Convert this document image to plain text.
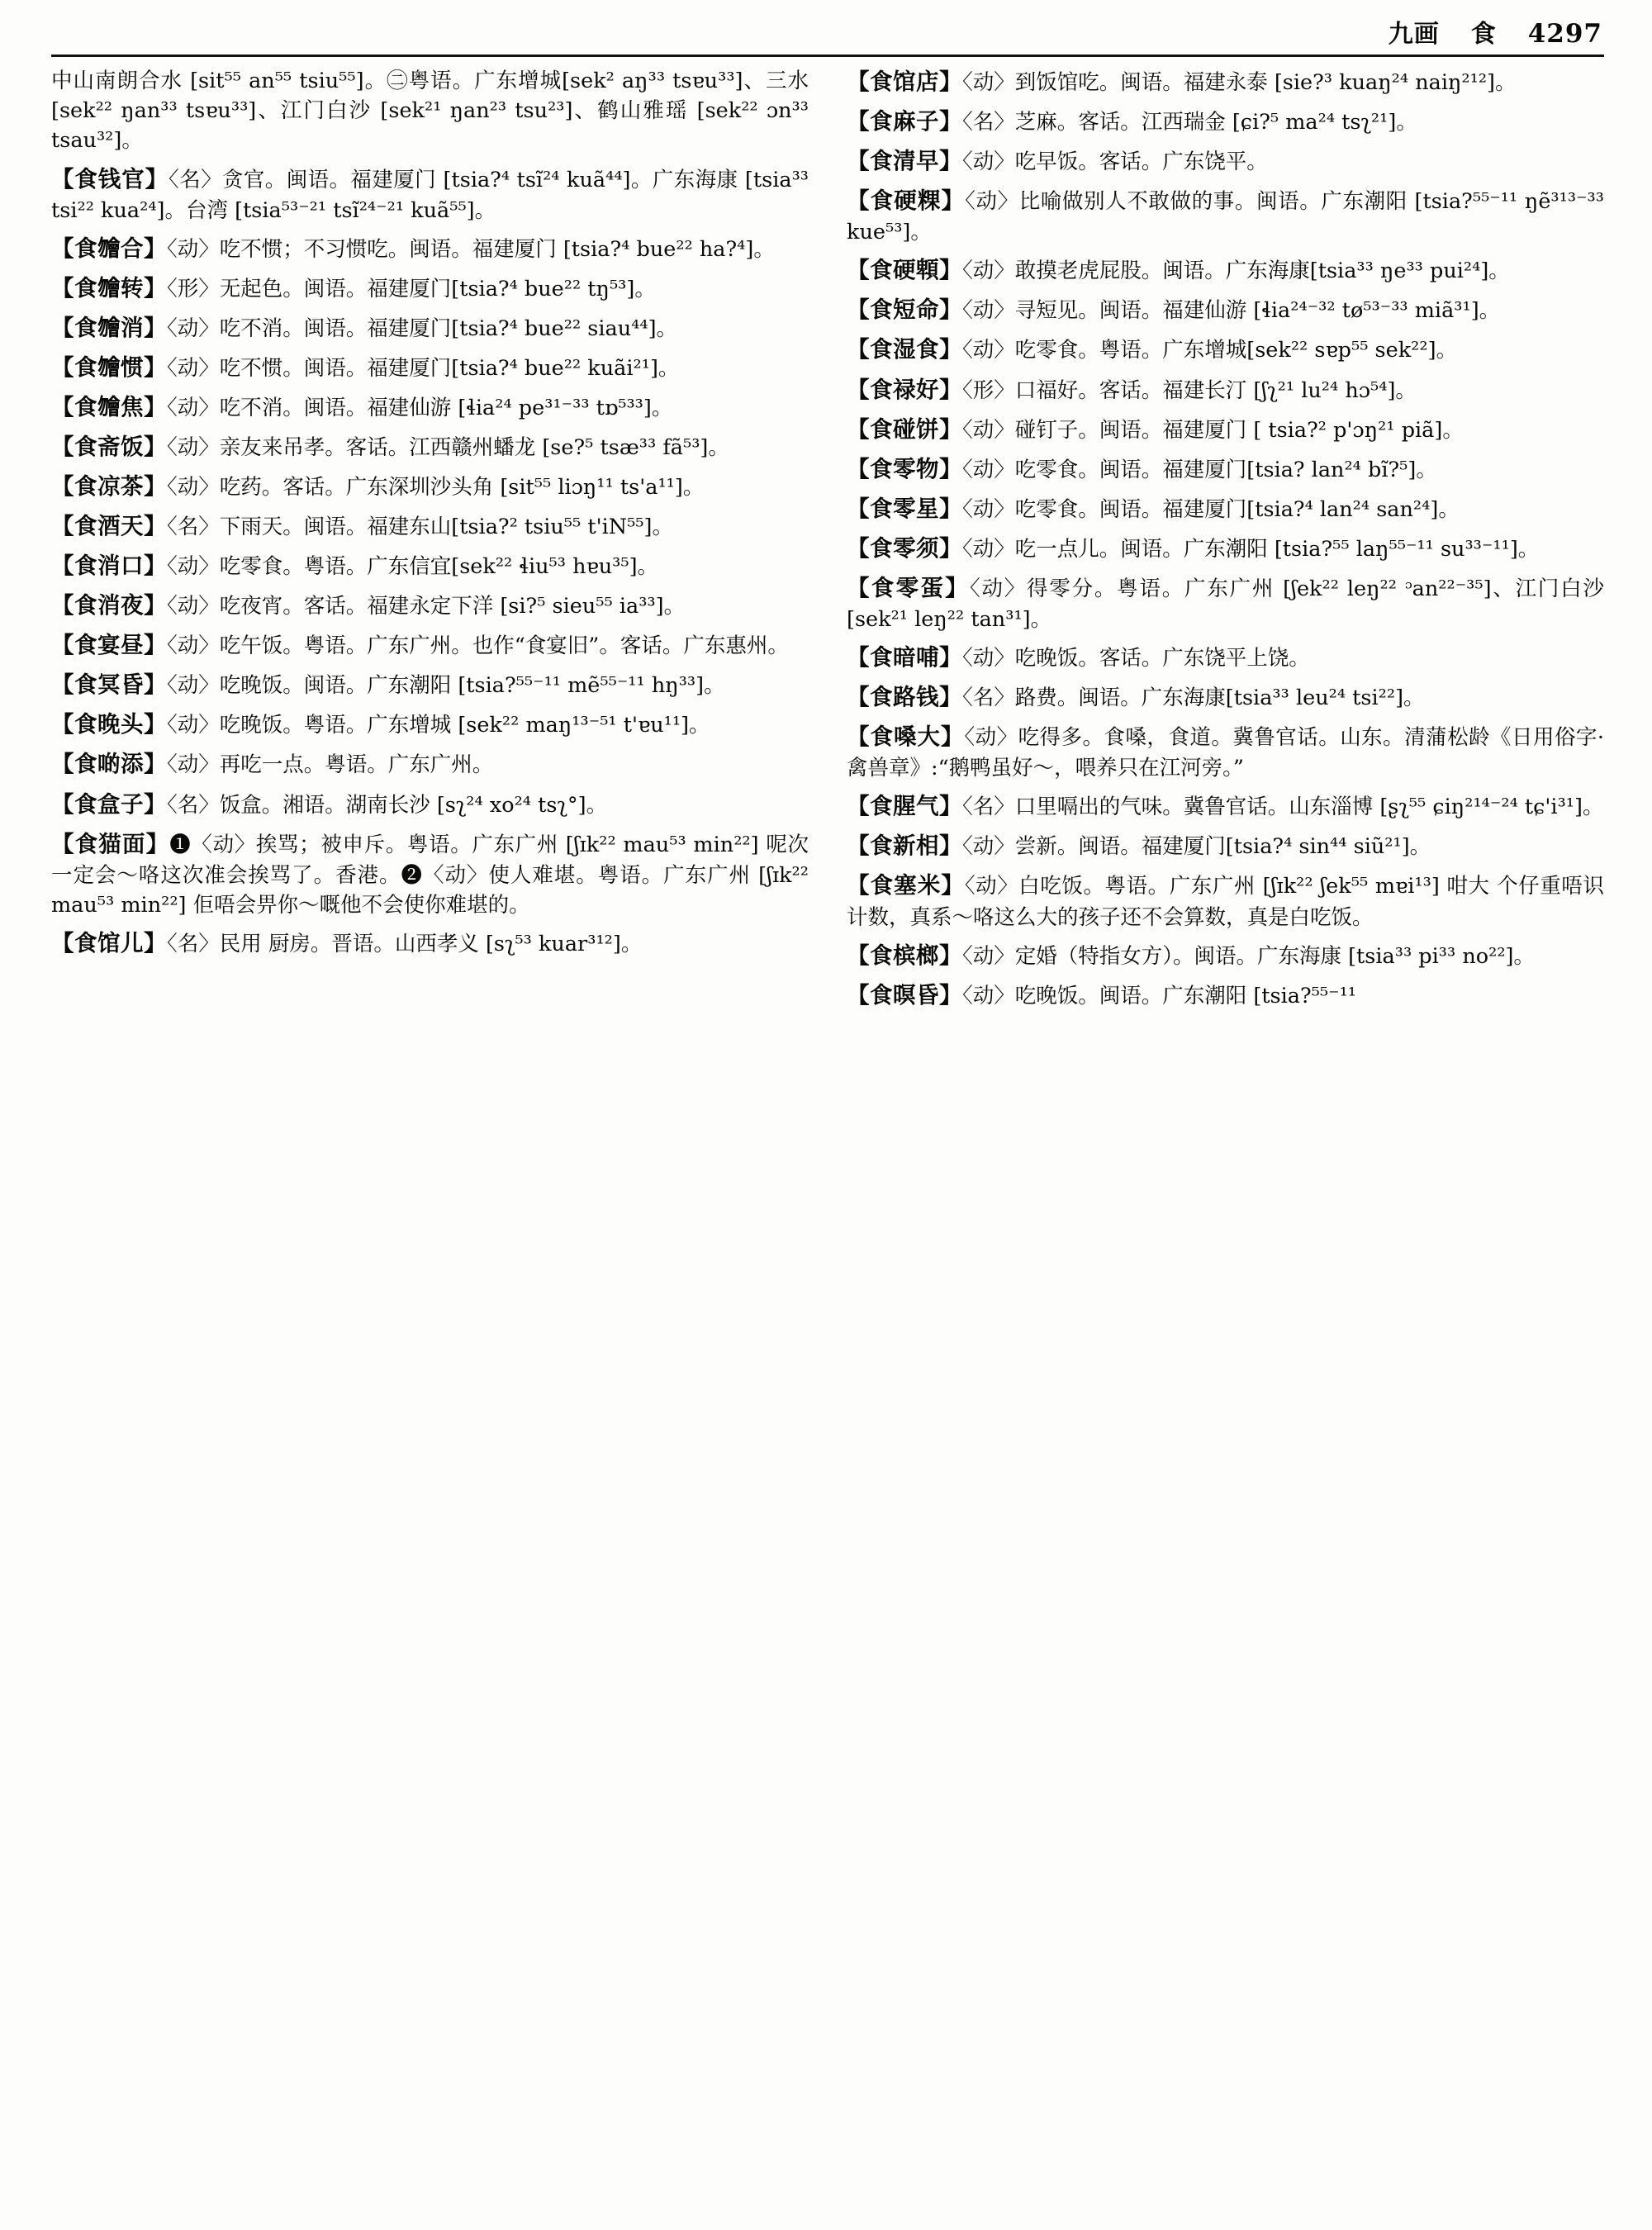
九画 食 4297

中山南朗合水 [sit⁵⁵ an⁵⁵ tsiu⁵⁵]。㊁粤语。广东增城[sek² aŋ³³ tsɐu³³]、三水[sek²² ŋan³³ tsɐu³³]、江门白沙 [sek²¹ ŋan²³ tsu²³]、鹤山雅瑶 [sek²² ɔn³³ tsau³²]。

【食钱官】〈名〉贪官。闽语。福建厦门 [tsia?⁴ tsĩ²⁴ kuã⁴⁴]。广东海康 [tsia³³ tsi²² kua²⁴]。台湾 [tsia⁵³⁻²¹ tsĩ²⁴⁻²¹ kuã⁵⁵]。

【食𣍐合】〈动〉吃不惯；不习惯吃。闽语。福建厦门 [tsia?⁴ bue²² ha?⁴]。

【食𣍐转】〈形〉无起色。闽语。福建厦门[tsia?⁴ bue²² tŋ⁵³]。

【食𣍐消】〈动〉吃不消。闽语。福建厦门[tsia?⁴ bue²² siau⁴⁴]。

【食𣍐惯】〈动〉吃不惯。闽语。福建厦门[tsia?⁴ bue²² kuãi²¹]。

【食𣍐焦】〈动〉吃不消。闽语。福建仙游 [ɬia²⁴ pe³¹⁻³³ tɒ⁵³³]。

【食斋饭】〈动〉亲友来吊孝。客话。江西赣州蟠龙 [se?⁵ tsæ³³ fã⁵³]。

【食凉茶】〈动〉吃药。客话。广东深圳沙头角 [sit⁵⁵ liɔŋ¹¹ ts'a¹¹]。

【食酒天】〈名〉下雨天。闽语。福建东山[tsia?² tsiu⁵⁵ t'iN⁵⁵]。

【食消口】〈动〉吃零食。粤语。广东信宜[sek²² ɬiu⁵³ hɐu³⁵]。

【食消夜】〈动〉吃夜宵。客话。福建永定下洋 [si?⁵ sieu⁵⁵ ia³³]。

【食宴昼】〈动〉吃午饭。粤语。广东广州。也作“食宴旧”。客话。广东惠州。

【食冥昏】〈动〉吃晚饭。闽语。广东潮阳 [tsia?⁵⁵⁻¹¹ mẽ⁵⁵⁻¹¹ hŋ³³]。

【食晚头】〈动〉吃晚饭。粤语。广东增城 [sek²² maŋ¹³⁻⁵¹ t'ɐu¹¹]。

【食啲添】〈动〉再吃一点。粤语。广东广州。

【食盒子】〈名〉饭盒。湘语。湖南长沙 [sʅ²⁴ xo²⁴ tsʅ°]。

【食猫面】❶〈动〉挨骂；被申斥。粤语。广东广州 [ʃɪk²² mau⁵³ min²²] 呢次一定会～咯这次准会挨骂了。香港。❷〈动〉使人难堪。粤语。广东广州 [ʃɪk²² mau⁵³ min²²] 佢唔会畀你～嘅他不会使你难堪的。

【食馆儿】〈名〉民用 厨房。晋语。山西孝义 [sʅ⁵³ kuar³¹²]。

【食馆店】〈动〉到饭馆吃。闽语。福建永泰 [sie?³ kuaŋ²⁴ naiŋ²¹²]。

【食麻子】〈名〉芝麻。客话。江西瑞金 [ɕi?⁵ ma²⁴ tsʅ²¹]。

【食清早】〈动〉吃早饭。客话。广东饶平。

【食硬粿】〈动〉比喻做别人不敢做的事。闽语。广东潮阳 [tsia?⁵⁵⁻¹¹ ŋẽ³¹³⁻³³ kue⁵³]。

【食硬䫌】〈动〉敢摸老虎屁股。闽语。广东海康[tsia³³ ŋe³³ pui²⁴]。

【食短命】〈动〉寻短见。闽语。福建仙游 [ɬia²⁴⁻³² tø⁵³⁻³³ miã³¹]。

【食湿食】〈动〉吃零食。粤语。广东增城[sek²² sɐp⁵⁵ sek²²]。

【食禄好】〈形〉口福好。客话。福建长汀 [ʃʅ²¹ lu²⁴ hɔ⁵⁴]。

【食碰饼】〈动〉碰钉子。闽语。福建厦门 [ tsia?² p'ɔŋ²¹ piã]。

【食零物】〈动〉吃零食。闽语。福建厦门[tsia? lan²⁴ bĩ?⁵]。

【食零星】〈动〉吃零食。闽语。福建厦门[tsia?⁴ lan²⁴ san²⁴]。

【食零须】〈动〉吃一点儿。闽语。广东潮阳 [tsia?⁵⁵ laŋ⁵⁵⁻¹¹ su³³⁻¹¹]。

【食零蛋】〈动〉得零分。粤语。广东广州 [ʃek²² leŋ²² ᵓan²²⁻³⁵]、江门白沙 [sek²¹ leŋ²² tan³¹]。

【食暗哺】〈动〉吃晚饭。客话。广东饶平上饶。

【食路钱】〈名〉路费。闽语。广东海康[tsia³³ leu²⁴ tsi²²]。

【食嗓大】〈动〉吃得多。食嗓，食道。冀鲁官话。山东。清蒲松龄《日用俗字·禽兽章》:“鹅鸭虽好～，喂养只在江河旁。”

【食腥气】〈名〉口里嗝出的气味。冀鲁官话。山东淄博 [ʂʅ⁵⁵ ɕiŋ²¹⁴⁻²⁴ tɕ'i³¹]。

【食新相】〈动〉尝新。闽语。福建厦门[tsia?⁴ sin⁴⁴ siũ²¹]。

【食塞米】〈动〉白吃饭。粤语。广东广州 [ʃɪk²² ʃek⁵⁵ mɐi¹³] 咁大 个仔重唔识计数，真系～咯这么大的孩子还不会算数，真是白吃饭。

【食槟榔】〈动〉定婚（特指女方）。闽语。广东海康 [tsia³³ pi³³ no²²]。

【食暝昏】〈动〉吃晚饭。闽语。广东潮阳 [tsia?⁵⁵⁻¹¹
